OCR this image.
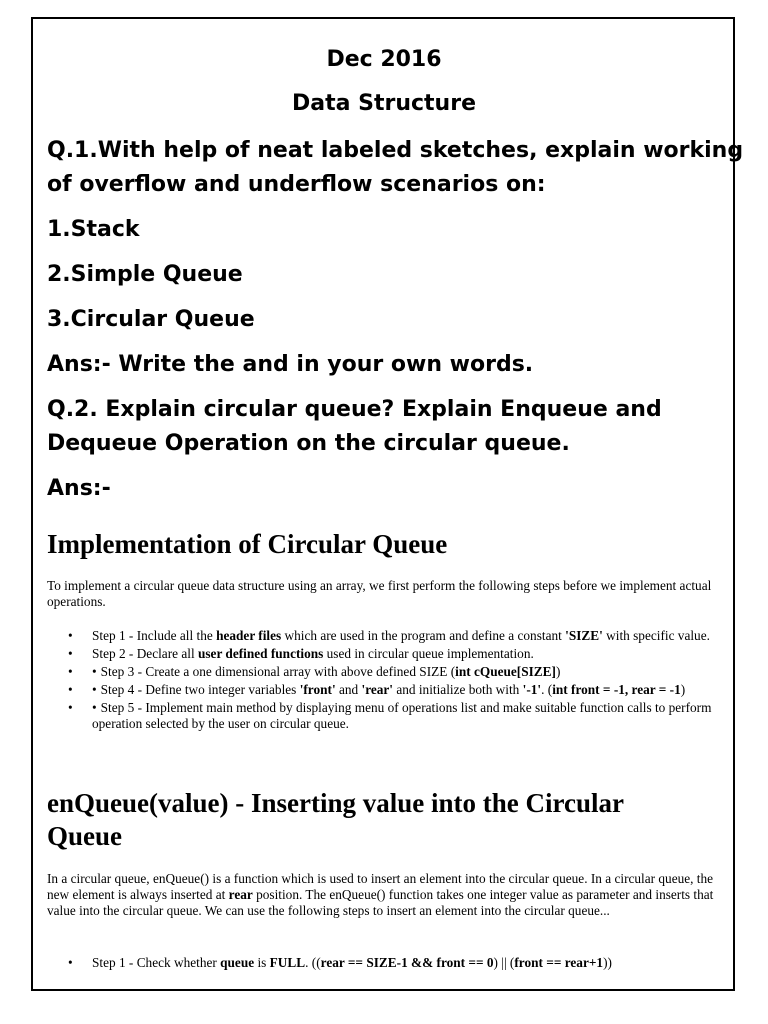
Dec 2016
Data Structure
Q.1.With help of neat labeled sketches, explain working
of overflow and underflow scenarios on:
1.Stack
2.Simple Queue
3.Circular Queue
Ans:- Write the and in your own words.
Q.2. Explain circular queue? Explain Enqueue and
Dequeue Operation on the circular queue.
Ans:-
Implementation of Circular Queue
To implement a circular queue data structure using an array, we first perform the following steps before we implement actual operations.
• Step 1 - Include all the header files which are used in the program and define a constant 'SIZE' with specific value.
• Step 2 - Declare all user defined functions used in circular queue implementation.
• • Step 3 - Create a one dimensional array with above defined SIZE (int cQueue[SIZE])
• • Step 4 - Define two integer variables 'front' and 'rear' and initialize both with '-1'. (int front = -1, rear = -1)
• • Step 5 - Implement main method by displaying menu of operations list and make suitable function calls to perform operation selected by the user on circular queue.
enQueue(value) - Inserting value into the Circular
Queue
In a circular queue, enQueue() is a function which is used to insert an element into the circular queue. In a circular queue, the new element is always inserted at rear position. The enQueue() function takes one integer value as parameter and inserts that value into the circular queue. We can use the following steps to insert an element into the circular queue...
• Step 1 - Check whether queue is FULL. ((rear == SIZE-1 && front == 0) || (front == rear+1))
